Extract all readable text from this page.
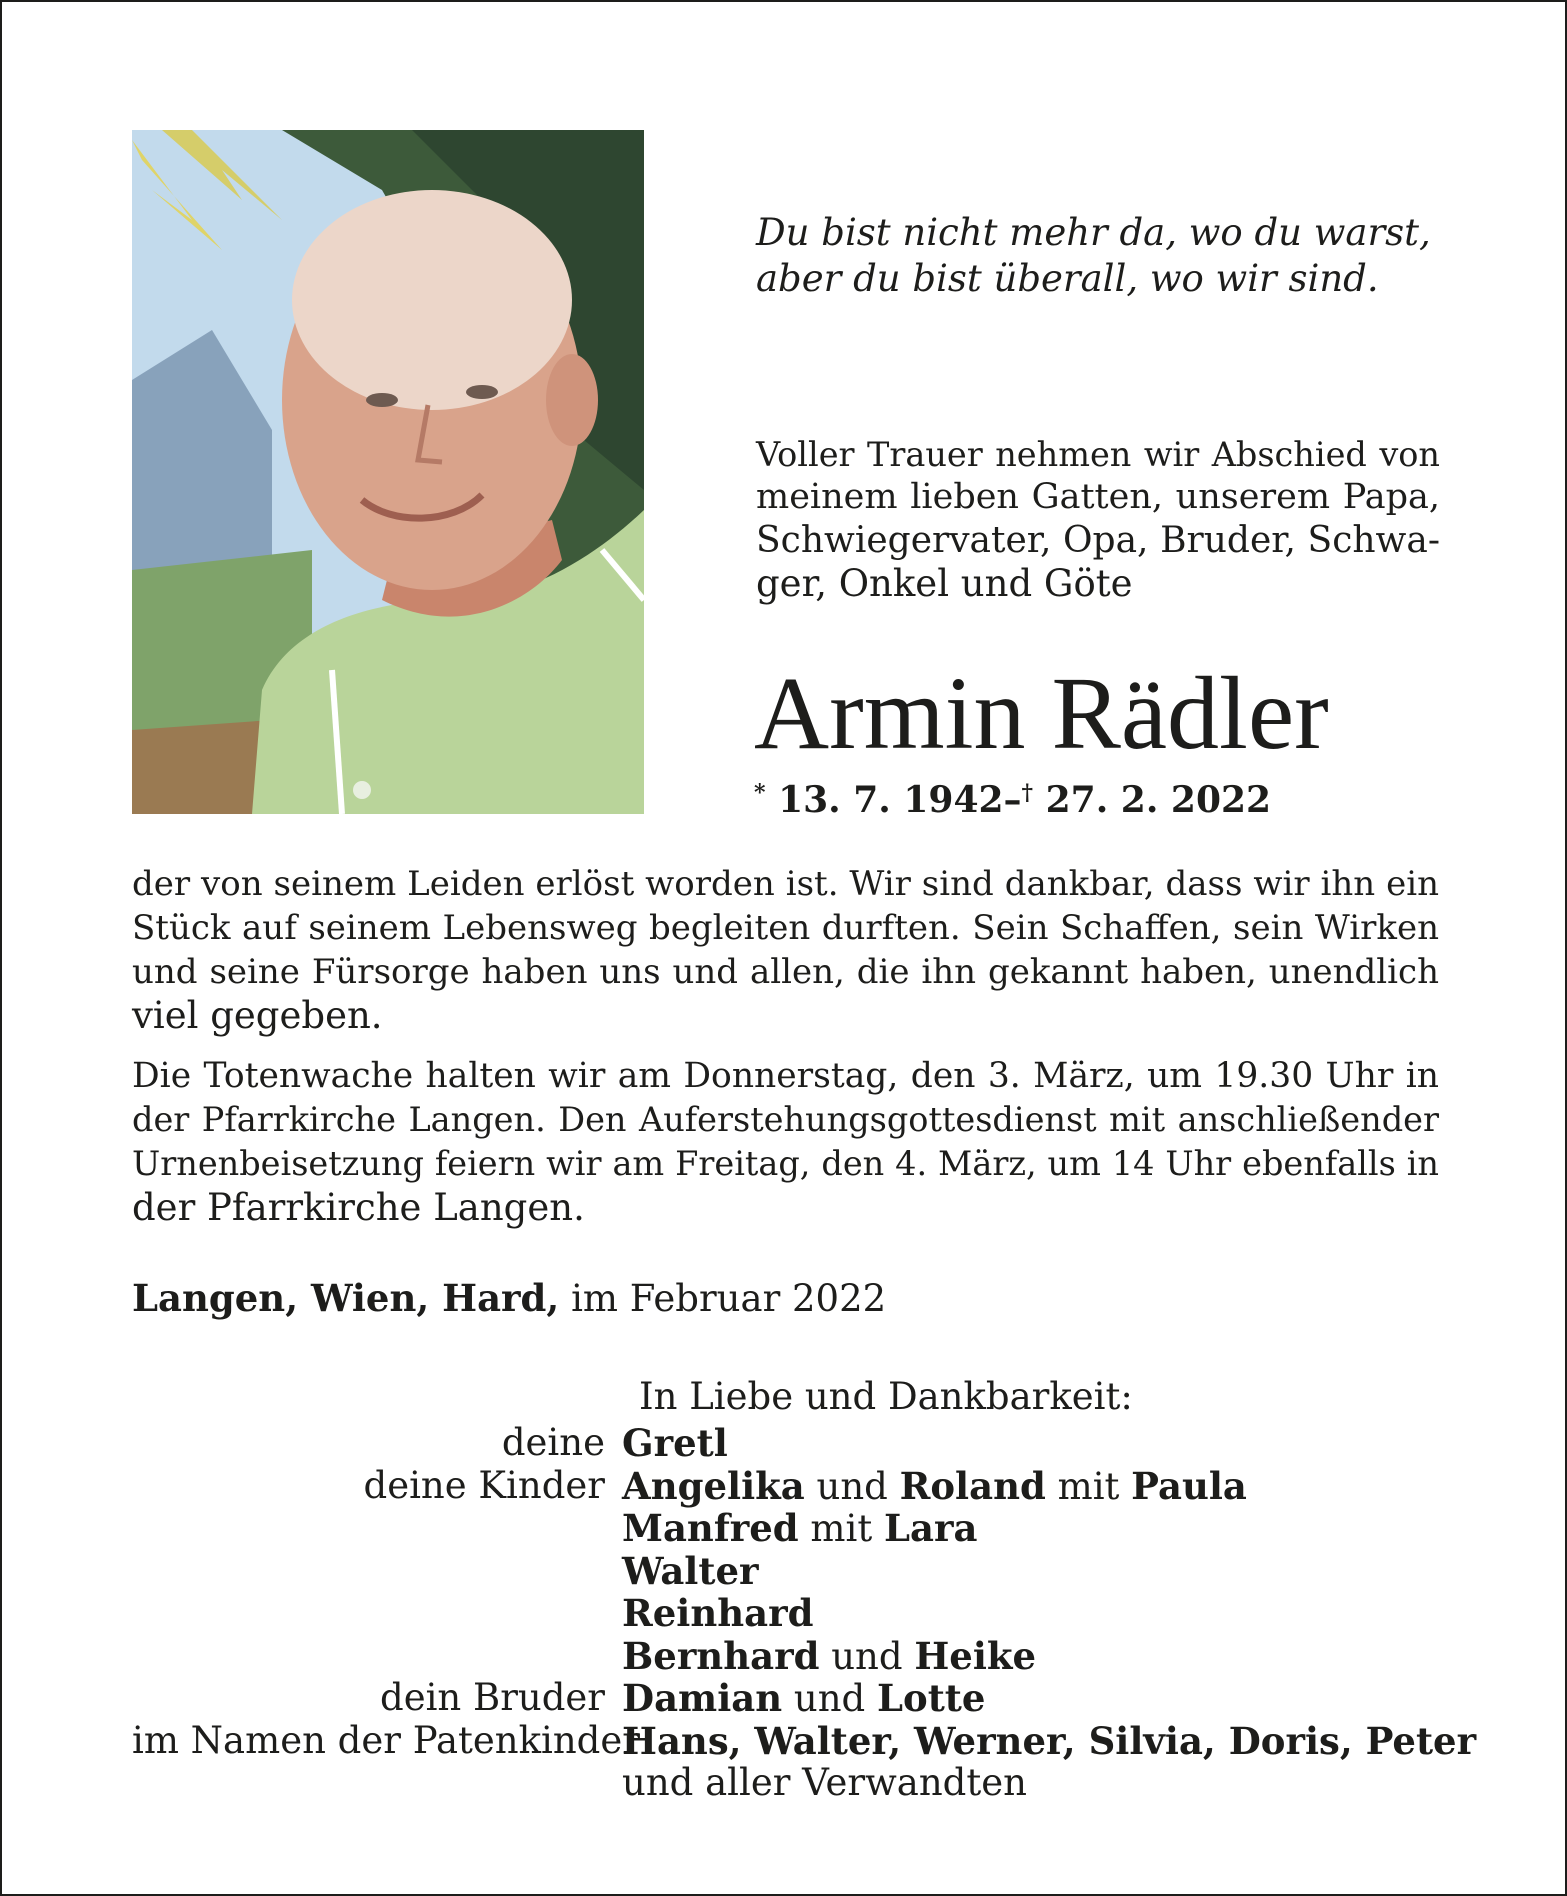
Du bist nicht mehr da, wo du warst,
aber du bist überall, wo wir sind.

Voller Trauer nehmen wir Abschied von
meinem lieben Gatten, unserem Papa,
Schwiegervater, Opa, Bruder, Schwa-
ger, Onkel und Göte

Armin Rädler
* 13. 7. 1942–† 27. 2. 2022

der von seinem Leiden erlöst worden ist. Wir sind dankbar, dass wir ihn ein
Stück auf seinem Lebensweg begleiten durften. Sein Schaffen, sein Wirken
und seine Fürsorge haben uns und allen, die ihn gekannt haben, unendlich
viel gegeben.

Die Totenwache halten wir am Donnerstag, den 3. März, um 19.30 Uhr in
der Pfarrkirche Langen. Den Auferstehungsgottesdienst mit anschließender
Urnenbeisetzung feiern wir am Freitag, den 4. März, um 14 Uhr ebenfalls in
der Pfarrkirche Langen.

Langen, Wien, Hard, im Februar 2022

In Liebe und Dankbarkeit:

deine Gretl
deine Kinder Angelika und Roland mit Paula
Manfred mit Lara
Walter
Reinhard
Bernhard und Heike
dein Bruder Damian und Lotte
im Namen der Patenkinder
Hans, Walter, Werner, Silvia, Doris, Peter
und aller Verwandten
